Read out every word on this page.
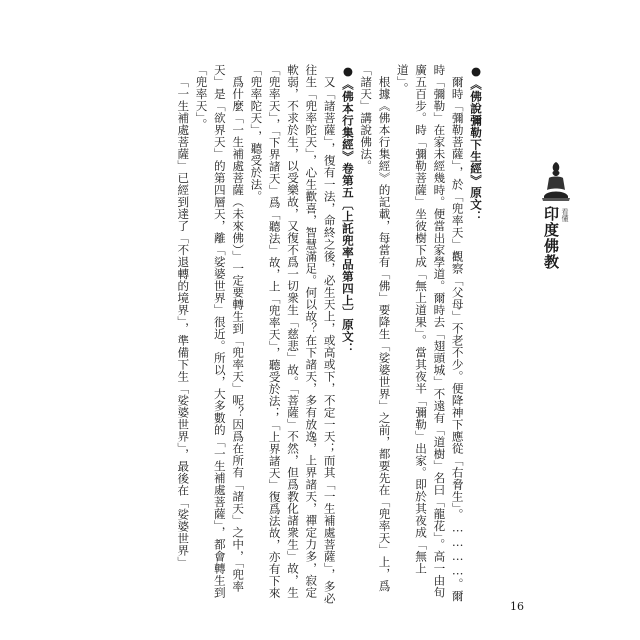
看懂
印度佛教

●《佛說彌勒下生經》原文：

爾時「彌勒菩薩」，於「兜率天」觀察「父母」不老不少。便降神下應從「右脅生」。…………。爾時「彌勒」在家未經幾時。便當出家學道。爾時去「翅頭城」不遠有「道樹」名曰「龍花」。高一由旬廣五百步。時「彌勒菩薩」坐彼樹下成「無上道果」。當其夜半「彌勒」出家。即於其夜成「無上道」。

根據《佛本行集經》的記載，每當有「佛」要降生「娑婆世界」之前，都要先在「兜率天」上，爲「諸天」講說佛法。

●《佛本行集經》卷第五〔上託兜率品第四上〕原文：

又「諸菩薩」，復有一法，命終之後，必生天上，或高或下，不定一天；而其「一生補處菩薩」，多必往生「兜率陀天」，心生歡喜，智慧滿足。何以故？在下諸天，多有放逸，上界諸天，禪定力多，寂定軟弱，不求於生，以受樂故，又復不爲一切衆生「慈悲」故。「菩薩」不然，但爲教化諸衆生」故，生「兜率天」，「下界諸天」爲「聽法」故，上「兜率天」，聽受於法；「上界諸天」復爲法故，亦有下來「兜率陀天」，聽受於法。

爲什麼「一生補處菩薩（未來佛）」一定要轉生到「兜率天」呢？因爲在所有「諸天」之中，「兜率天」是「欲界天」的第四層天，離「娑婆世界」很近。所以，大多數的「一生補處菩薩」，都會轉生到「兜率天」。

「一生補處菩薩」已經到達了「不退轉的境界」，準備下生「娑婆世界」，最後在「娑婆世界」

16
